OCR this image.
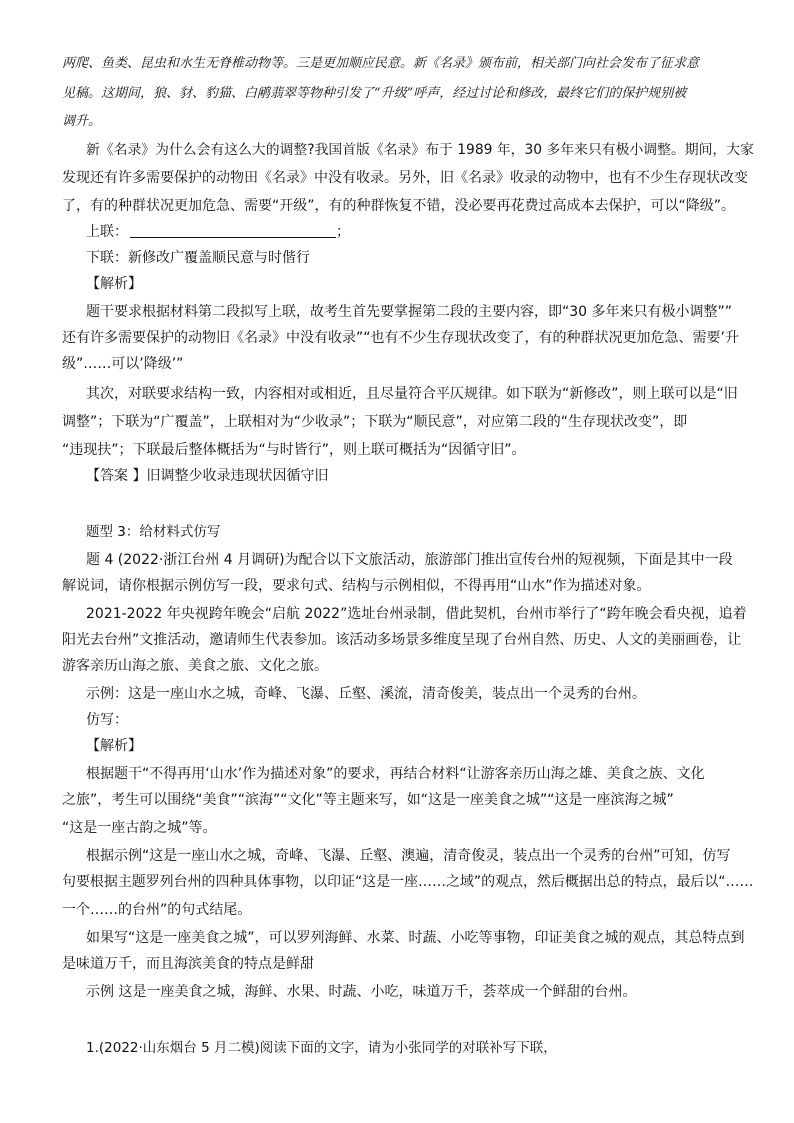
两爬、鱼类、昆虫和水生无脊椎动物等。三是更加顺应民意。新《名录》颁布前，相关部门向社会发布了征求意
见稿。这期间，狼、豺、豹猫、白鹇翡翠等物种引发了“升级”呼声，经过讨论和修改，最终它们的保护规别被
调升。
新《名录》为什么会有这么大的调整?我国首版《名录》布于 1989 年，30 多年来只有极小调整。期间，大家
发现还有许多需要保护的动物田《名录》中没有收录。另外，旧《名录》收录的动物中，也有不少生存现状改变
了，有的种群状况更加危急、需要“开级”，有的种群恢复不错，没必要再花费过高成本去保护，可以“降级”。
上联：	；
下联：新修改广覆盖顺民意与时偕行
【解析】
题干要求根据材料第二段拟写上联，故考生首先要掌握第二段的主要内容，即“30 多年来只有极小调整””
还有许多需要保护的动物旧《名录》中没有收录”“也有不少生存现状改变了，有的种群状况更加危急、需要’升
级”……可以’降级’”
其次，对联要求结构一致，内容相对或相近，且尽量符合平仄规律。如下联为“新修改”，则上联可以是“旧
调整”；下联为“广覆盖”，上联相对为“少收录”；下联为“顺民意”，对应第二段的“生存现状改变”，即
“违现扶”；下联最后整体概括为“与时皆行”，则上联可概括为“因循守旧”。
【答案 】旧调整少收录违现状因循守旧
题型 3：给材料式仿写
题 4 (2022·浙江台州 4 月调研)为配合以下文旅活动，旅游部门推出宣传台州的短视频，下面是其中一段
解说词，请你根据示例仿写一段，要求句式、结构与示例相似，不得再用“山水”作为描述对象。
2021-2022 年央视跨年晚会“启航 2022”选址台州录制，借此契机，台州市举行了“跨年晚会看央视，追着
阳光去台州”文推活动，邀请师生代表参加。该活动多场景多维度呈现了台州自然、历史、人文的美丽画卷，让
游客亲历山海之旅、美食之旅、文化之旅。
示例：这是一座山水之城，奇峰、飞瀑、丘壑、溪流，清奇俊美，装点出一个灵秀的台州。
仿写：
【解析】
根据题干“不得再用‘山水’作为描述对象”的要求，再结合材料“让游客亲历山海之雄、美食之族、文化
之旅”，考生可以围绕“美食”“滨海”“文化”等主题来写，如“这是一座美食之城”“这是一座滨海之城”
“这是一座古韵之城”等。
根据示例“这是一座山水之城，奇峰、飞瀑、丘壑、澳遍，清奇俊灵，装点出一个灵秀的台州”可知，仿写
句要根据主题罗列台州的四种具体事物，以印证“这是一座……之域”的观点，然后概据出总的特点，最后以“……
一个……的台州”的句式结尾。
如果写“这是一座美食之城”，可以罗列海鲜、水菜、时蔬、小吃等事物，印证美食之城的观点，其总特点到
是味道万千，而且海滨美食的特点是鲜甜
示例 这是一座美食之城，海鲜、水果、时蔬、小吃，味道万千，荟萃成一个鲜甜的台州。
1.(2022·山东烟台 5 月二模)阅读下面的文字，请为小张同学的对联补写下联，
